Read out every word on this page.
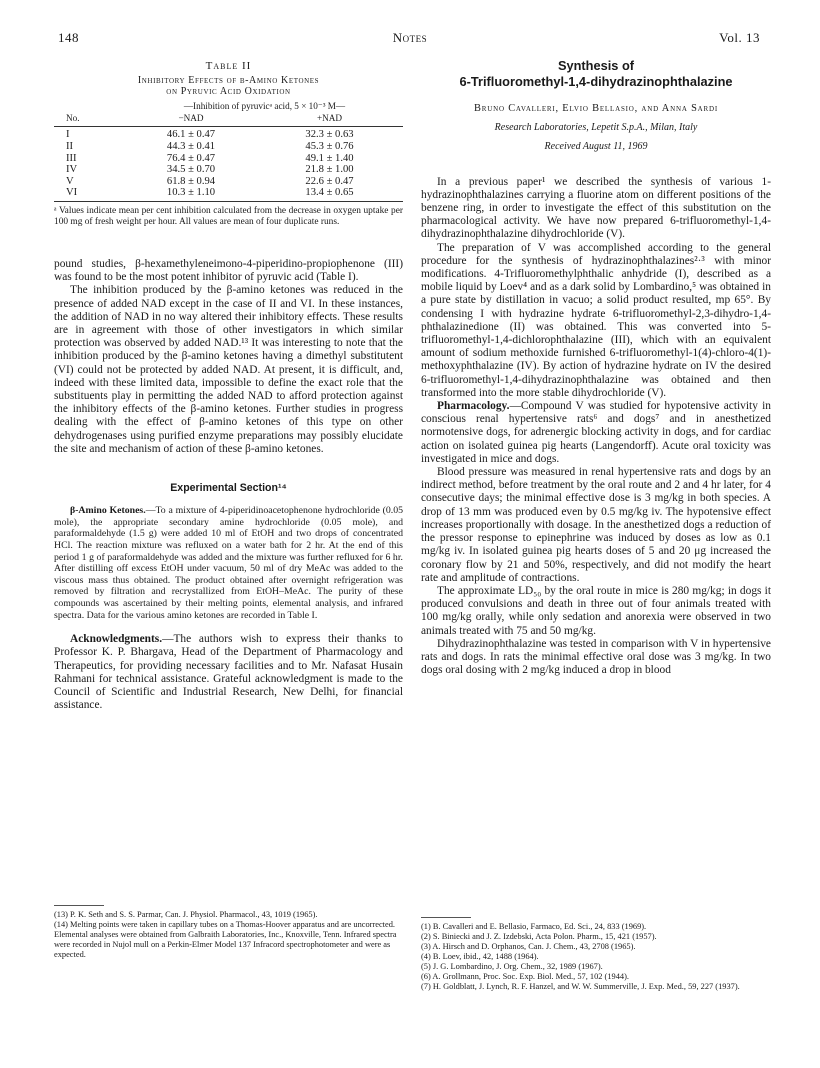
148	Notes	Vol. 13
Table II
Inhibitory Effects of β-Amino Ketones
on Pyruvic Acid Oxidation
	—Inhibition of pyruvicᵃ acid, 5 × 10⁻³ M—	
No.	−NAD	+NAD

I	46.1 ± 0.47	32.3 ± 0.63
II	44.3 ± 0.41	45.3 ± 0.76
III	76.4 ± 0.47	49.1 ± 1.40
IV	34.5 ± 0.70	21.8 ± 1.00
V	61.8 ± 0.94	22.6 ± 0.47
VI	10.3 ± 1.10	13.4 ± 0.65

ᵃ Values indicate mean per cent inhibition calculated from the decrease in oxygen uptake per 100 mg of fresh weight per hour. All values are mean of four duplicate runs.

pound studies, β-hexamethyleneimono-4-piperidino-propiophenone (III) was found to be the most potent inhibitor of pyruvic acid (Table I).

The inhibition produced by the β-amino ketones was reduced in the presence of added NAD except in the case of II and VI. In these instances, the addition of NAD in no way altered their inhibitory effects. These results are in agreement with those of other investigators in which similar protection was observed by added NAD.¹³ It was interesting to note that the inhibition produced by the β-amino ketones having a dimethyl substitutent (VI) could not be protected by added NAD. At present, it is difficult, and, indeed with these limited data, impossible to define the exact role that the substituents play in permitting the added NAD to afford protection against the inhibitory effects of the β-amino ketones. Further studies in progress dealing with the effect of β-amino ketones of this type on other dehydrogenases using purified enzyme preparations may possibly elucidate the site and mechanism of action of these β-amino ketones.

Experimental Section¹⁴

β-Amino Ketones.—To a mixture of 4-piperidinoacetophenone hydrochloride (0.05 mole), the appropriate secondary amine hydrochloride (0.05 mole), and paraformaldehyde (1.5 g) were added 10 ml of EtOH and two drops of concentrated HCl. The reaction mixture was refluxed on a water bath for 2 hr. At the end of this period 1 g of paraformaldehyde was added and the mixture was further refluxed for 6 hr. After distilling off excess EtOH under vacuum, 50 ml of dry MeAc was added to the viscous mass thus obtained. The product obtained after overnight refrigeration was removed by filtration and recrystallized from EtOH–MeAc. The purity of these compounds was ascertained by their melting points, elemental analysis, and infrared spectra. Data for the various amino ketones are recorded in Table I.

Acknowledgments.—The authors wish to express their thanks to Professor K. P. Bhargava, Head of the Department of Pharmacology and Therapeutics, for providing necessary facilities and to Mr. Nafasat Husain Rahmani for technical assistance. Grateful acknowledgment is made to the Council of Scientific and Industrial Research, New Delhi, for financial assistance.

(13) P. K. Seth and S. S. Parmar, Can. J. Physiol. Pharmacol., 43, 1019 (1965).
(14) Melting points were taken in capillary tubes on a Thomas-Hoover apparatus and are uncorrected. Elemental analyses were obtained from Galbraith Laboratories, Inc., Knoxville, Tenn. Infrared spectra were recorded in Nujol mull on a Perkin-Elmer Model 137 Infracord spectrophotometer and were as expected.
Synthesis of
6-Trifluoromethyl-1,4-dihydrazinophthalazine
Bruno Cavalleri, Elvio Bellasio, and Anna Sardi
Research Laboratories, Lepetit S.p.A., Milan, Italy
Received August 11, 1969

In a previous paper¹ we described the synthesis of various 1-hydrazinophthalazines carrying a fluorine atom on different positions of the benzene ring, in order to investigate the effect of this substitution on the pharmacological activity. We have now prepared 6-trifluoromethyl-1,4-dihydrazinophthalazine dihydrochloride (V).

The preparation of V was accomplished according to the general procedure for the synthesis of hydrazinophthalazines²·³ with minor modifications. 4-Trifluoromethylphthalic anhydride (I), described as a mobile liquid by Loev⁴ and as a dark solid by Lombardino,⁵ was obtained in a pure state by distillation in vacuo; a solid product resulted, mp 65°. By condensing I with hydrazine hydrate 6-trifluoromethyl-2,3-dihydro-1,4-phthalazinedione (II) was obtained. This was converted into 5-trifluoromethyl-1,4-dichlorophthalazine (III), which with an equivalent amount of sodium methoxide furnished 6-trifluoromethyl-1(4)-chloro-4(1)-methoxyphthalazine (IV). By action of hydrazine hydrate on IV the desired 6-trifluoromethyl-1,4-dihydrazinophthalazine was obtained and then transformed into the more stable dihydrochloride (V).

Pharmacology.—Compound V was studied for hypotensive activity in conscious renal hypertensive rats⁶ and dogs⁷ and in anesthetized normotensive dogs, for adrenergic blocking activity in dogs, and for cardiac action on isolated guinea pig hearts (Langendorff). Acute oral toxicity was investigated in mice and dogs.

Blood pressure was measured in renal hypertensive rats and dogs by an indirect method, before treatment by the oral route and 2 and 4 hr later, for 4 consecutive days; the minimal effective dose is 3 mg/kg in both species. A drop of 13 mm was produced even by 0.5 mg/kg iv. The hypotensive effect increases proportionally with dosage. In the anesthetized dogs a reduction of the pressor response to epinephrine was induced by doses as low as 0.1 mg/kg iv. In isolated guinea pig hearts doses of 5 and 20 μg increased the coronary flow by 21 and 50%, respectively, and did not modify the heart rate and amplitude of contractions.

The approximate LD₅₀ by the oral route in mice is 280 mg/kg; in dogs it produced convulsions and death in three out of four animals treated with 100 mg/kg orally, while only sedation and anorexia were observed in two animals treated with 75 and 50 mg/kg.

Dihydrazinophthalazine was tested in comparison with V in hypertensive rats and dogs. In rats the minimal effective oral dose was 3 mg/kg. In two dogs oral dosing with 2 mg/kg induced a drop in blood

(1) B. Cavalleri and E. Bellasio, Farmaco, Ed. Sci., 24, 833 (1969).
(2) S. Biniecki and J. Z. Izdebski, Acta Polon. Pharm., 15, 421 (1957).
(3) A. Hirsch and D. Orphanos, Can. J. Chem., 43, 2708 (1965).
(4) B. Loev, ibid., 42, 1488 (1964).
(5) J. G. Lombardino, J. Org. Chem., 32, 1989 (1967).
(6) A. Grollmann, Proc. Soc. Exp. Biol. Med., 57, 102 (1944).
(7) H. Goldblatt, J. Lynch, R. F. Hanzel, and W. W. Summerville, J. Exp. Med., 59, 227 (1937).
